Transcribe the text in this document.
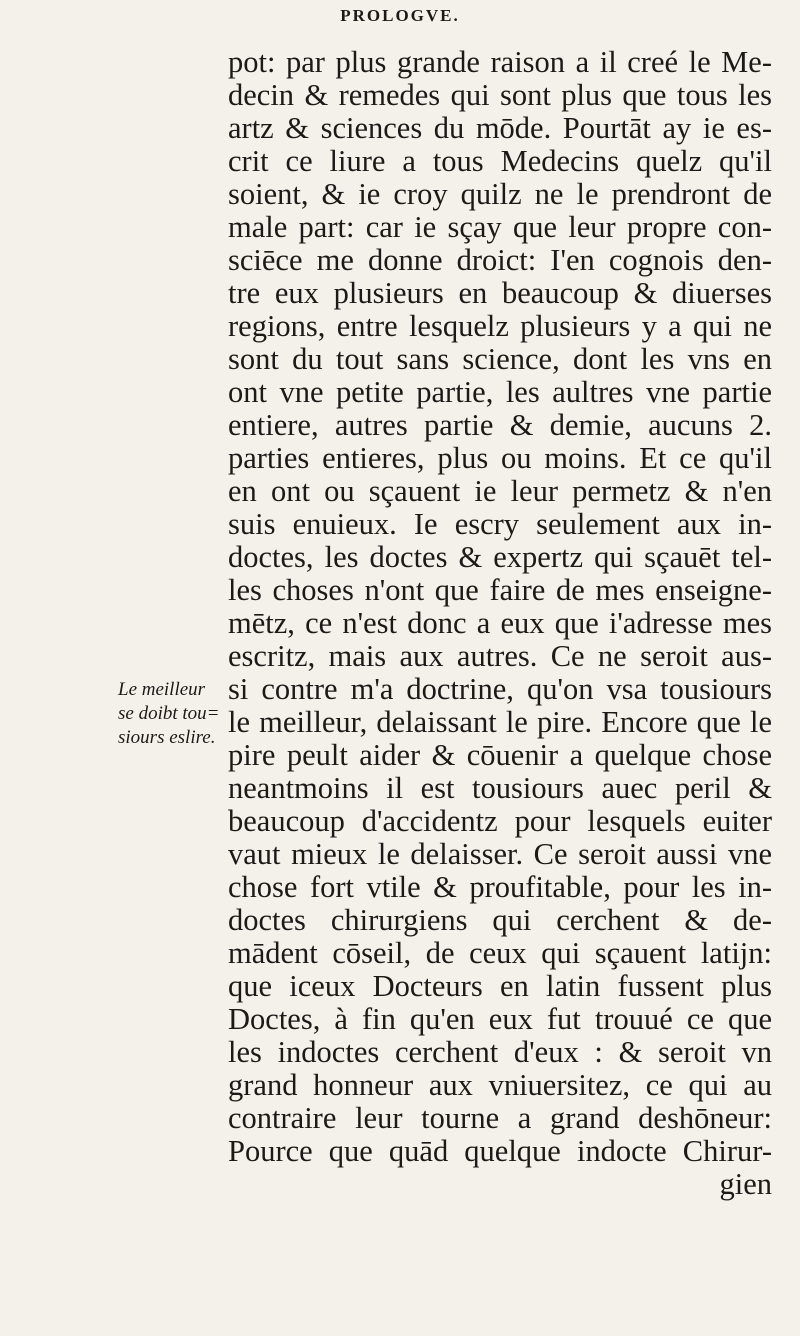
PROLOGVE.
Le meilleur
se doibt tou=
siours eslire.
pot: par plus grande raison a il creé le Me-
decin & remedes qui sont plus que tous les
artz & sciences du mōde. Pourtāt ay ie es-
crit ce liure a tous Medecins quelz qu'il
soient, & ie croy quilz ne le prendront de
male part: car ie sçay que leur propre con-
sciēce me donne droict: I'en cognois den-
tre eux plusieurs en beaucoup & diuerses
regions, entre lesquelz plusieurs y a qui ne
sont du tout sans science, dont les vns en
ont vne petite partie, les aultres vne partie
entiere, autres partie & demie, aucuns 2.
parties entieres, plus ou moins. Et ce qu'il
en ont ou sçauent ie leur permetz & n'en
suis enuieux. Ie escry seulement aux in-
doctes, les doctes & expertz qui sçauēt tel-
les choses n'ont que faire de mes enseigne-
mētz, ce n'est donc a eux que i'adresse mes
escritz, mais aux autres. Ce ne seroit aus-
si contre m'a doctrine, qu'on vsa tousiours
le meilleur, delaissant le pire. Encore que le
pire peult aider & cōuenir a quelque chose
neantmoins il est tousiours auec peril &
beaucoup d'accidentz pour lesquels euiter
vaut mieux le delaisser. Ce seroit aussi vne
chose fort vtile & proufitable, pour les in-
doctes chirurgiens qui cerchent & de-
mādent cōseil, de ceux qui sçauent latijn:
que iceux Docteurs en latin fussent plus
Doctes, à fin qu'en eux fut trouué ce que
les indoctes cerchent d'eux : & seroit vn
grand honneur aux vniuersitez, ce qui au
contraire leur tourne a grand deshōneur:
Pource que quād quelque indocte Chirur-
gien
